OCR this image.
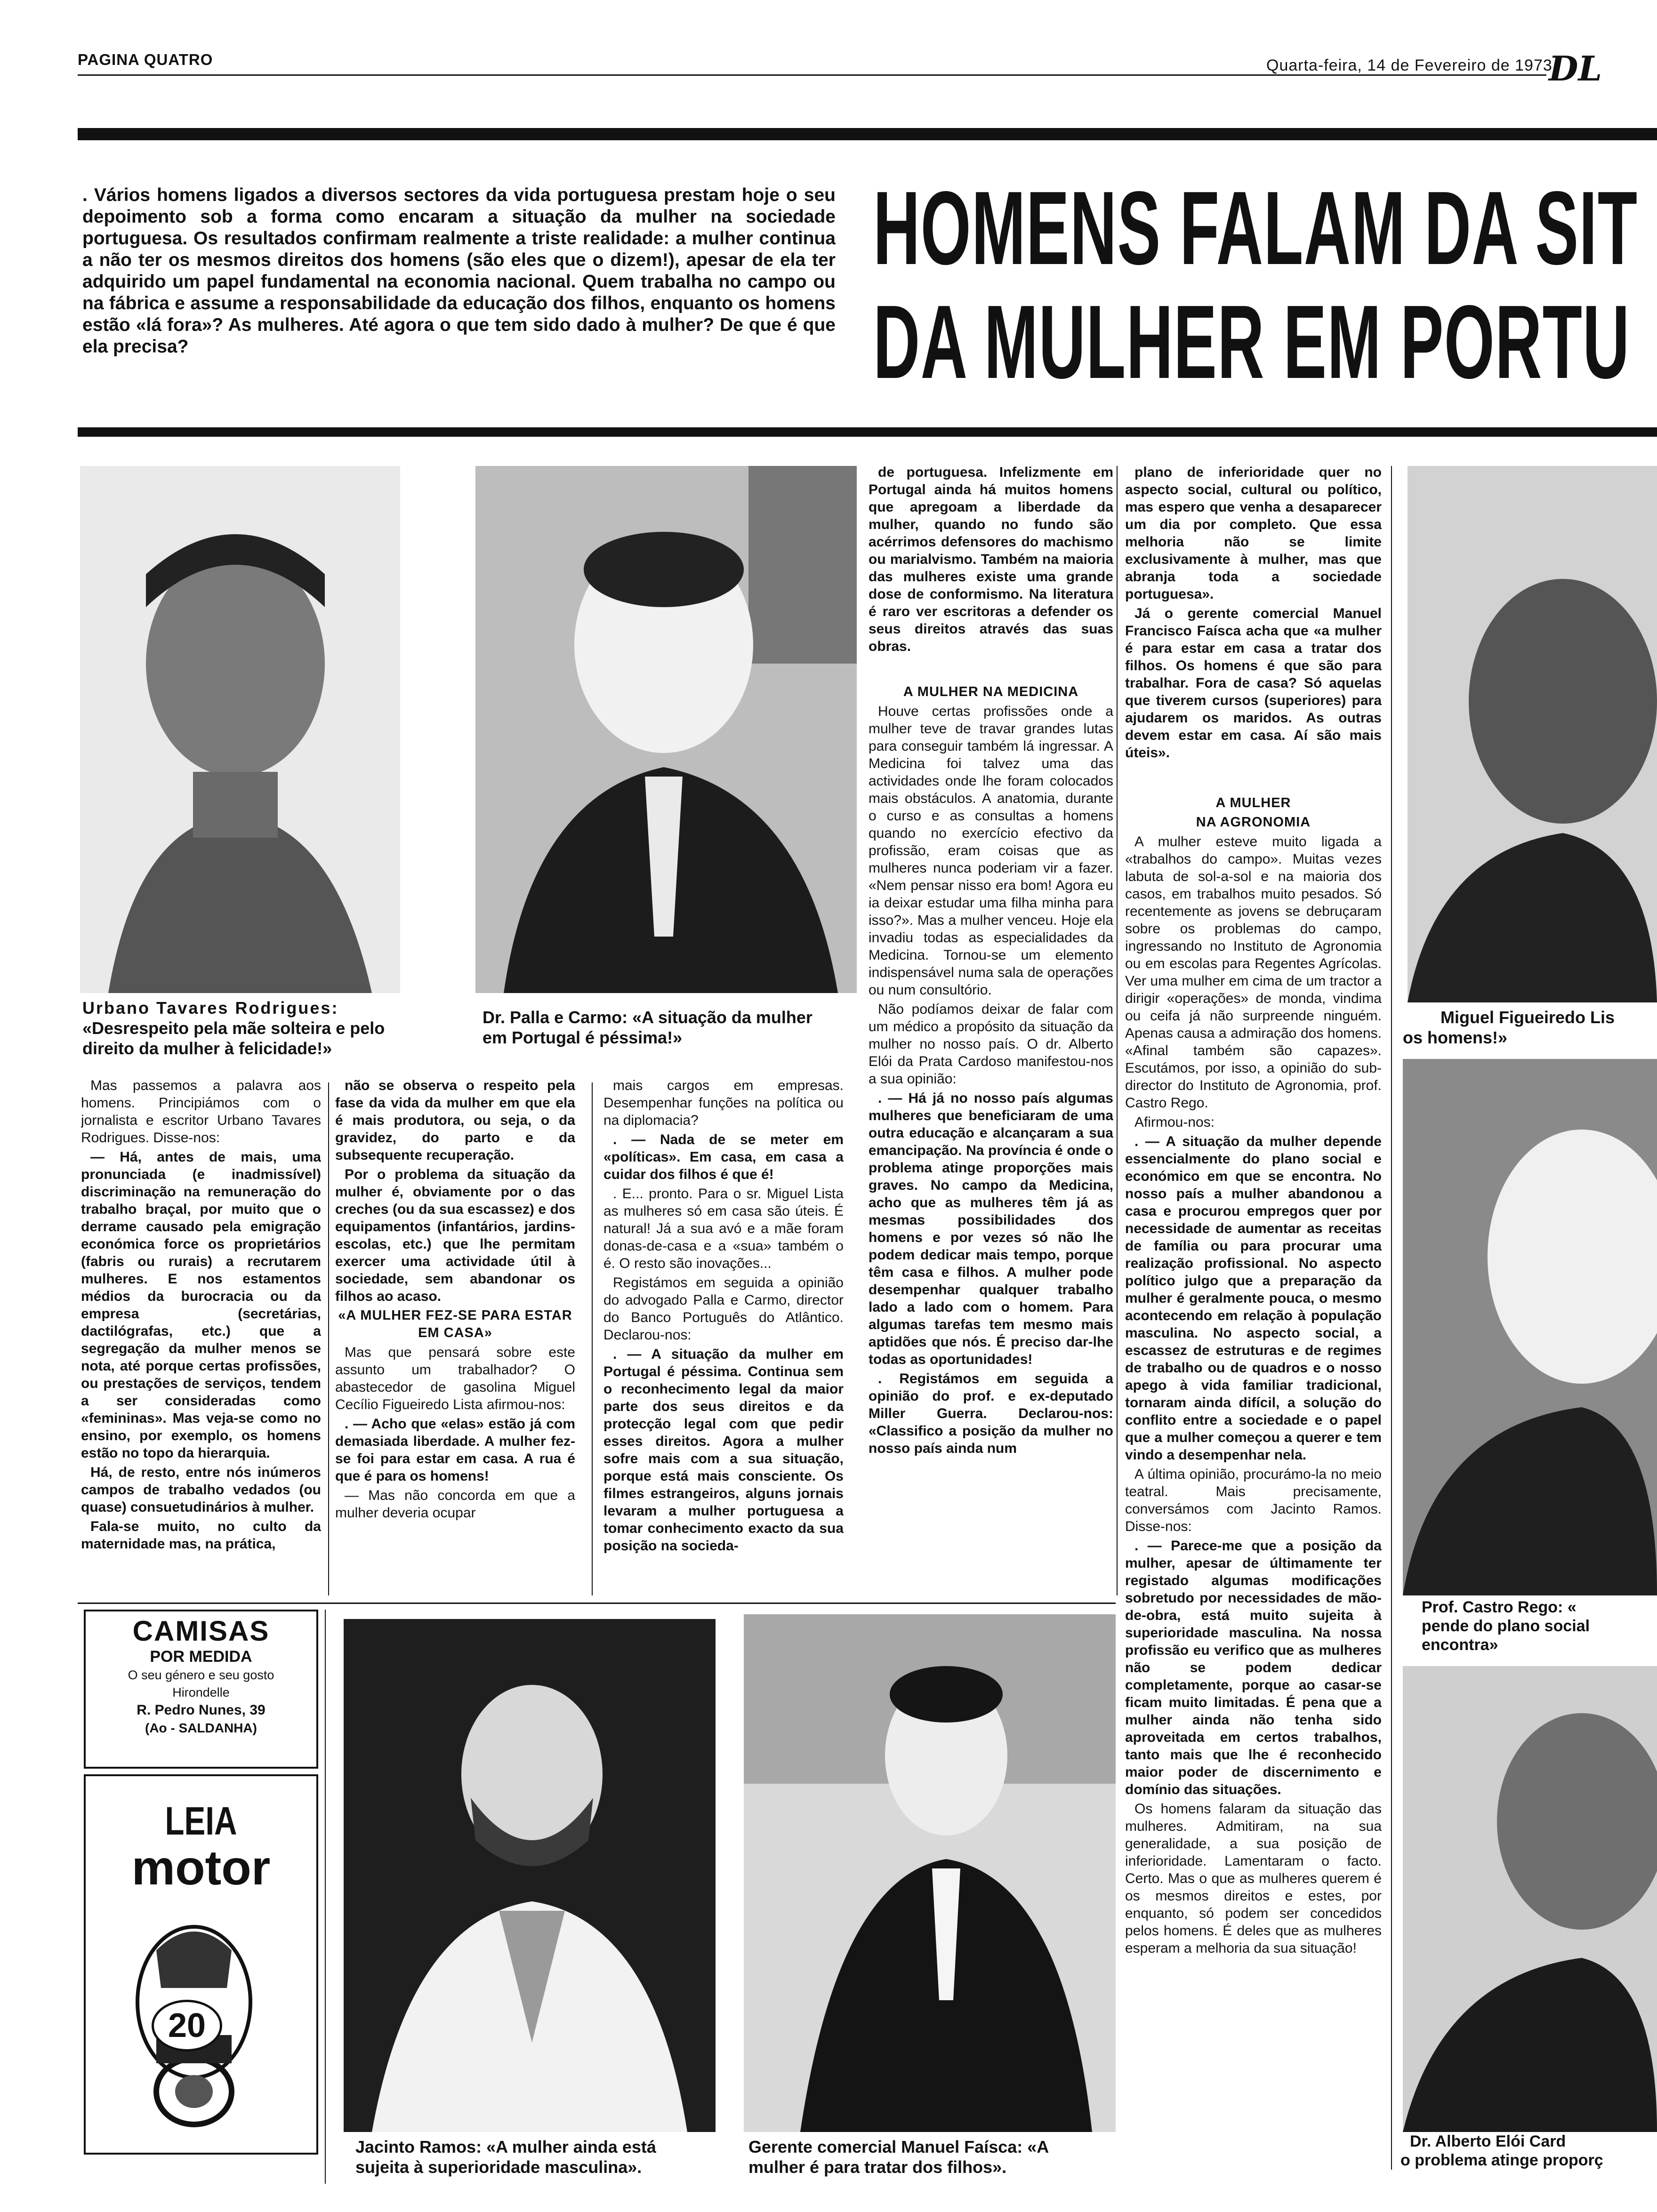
PAGINA QUATRO	Quarta-feira, 14 de Fevereiro de 1973
DL
. Vários homens ligados a diversos sectores da vida portuguesa prestam hoje o seu depoimento sob a forma como encaram a situação da mulher na sociedade portuguesa. Os resultados confirmam realmente a triste realidade: a mulher continua a não ter os mesmos direitos dos homens (são eles que o dizem!), apesar de ela ter adquirido um papel fundamental na economia nacional. Quem trabalha no campo ou na fábrica e assume a responsabilidade da educação dos filhos, enquanto os homens estão «lá fora»? As mulheres. Até agora o que tem sido dado à mulher? De que é que ela precisa?
HOMENS FALAM DA SIT
DA MULHER EM PORTU
Urbano Tavares Rodrigues: «Desrespeito pela mãe solteira e pelo direito da mulher à felicidade!»
Dr. Palla e Carmo: «A situação da mulher em Portugal é péssima!»
Miguel Figueiredo Lis
os homens!»

Mas passemos a palavra aos homens. Principiámos com o jornalista e escritor Urbano Tavares Rodrigues. Disse-nos:

— Há, antes de mais, uma pronunciada (e inadmissível) discriminação na remuneração do trabalho braçal, por muito que o derrame causado pela emigração económica force os proprietários (fabris ou rurais) a recrutarem mulheres. E nos estamentos médios da burocracia ou da empresa (secretárias, dactilógrafas, etc.) que a segregação da mulher menos se nota, até porque certas profissões, ou prestações de serviços, tendem a ser consideradas como «femininas». Mas veja-se como no ensino, por exemplo, os homens estão no topo da hierarquia.

Há, de resto, entre nós inúmeros campos de trabalho vedados (ou quase) consuetudinários à mulher.

Fala-se muito, no culto da maternidade mas, na prática,

não se observa o respeito pela fase da vida da mulher em que ela é mais produtora, ou seja, o da gravidez, do parto e da subsequente recuperação.

Por o problema da situação da mulher é, obviamente por o das creches (ou da sua escassez) e dos equipamentos (infantários, jardins-escolas, etc.) que lhe permitam exercer uma actividade útil à sociedade, sem abandonar os filhos ao acaso.

«A MULHER FEZ-SE PARA ESTAR EM CASA»

Mas que pensará sobre este assunto um trabalhador? O abastecedor de gasolina Miguel Cecílio Figueiredo Lista afirmou-nos:

. — Acho que «elas» estão já com demasiada liberdade. A mulher fez-se foi para estar em casa. A rua é que é para os homens!

— Mas não concorda em que a mulher deveria ocupar

mais cargos em empresas. Desempenhar funções na política ou na diplomacia?

. — Nada de se meter em «políticas». Em casa, em casa a cuidar dos filhos é que é!

. E... pronto. Para o sr. Miguel Lista as mulheres só em casa são úteis. É natural! Já a sua avó e a mãe foram donas-de-casa e a «sua» também o é. O resto são inovações...

Registámos em seguida a opinião do advogado Palla e Carmo, director do Banco Português do Atlântico. Declarou-nos:

. — A situação da mulher em Portugal é péssima. Continua sem o reconhecimento legal da maior parte dos seus direitos e da protecção legal com que pedir esses direitos. Agora a mulher sofre mais com a sua situação, porque está mais consciente. Os filmes estrangeiros, alguns jornais levaram a mulher portuguesa a tomar conhecimento exacto da sua posição na socieda-

de portuguesa. Infelizmente em Portugal ainda há muitos homens que apregoam a liberdade da mulher, quando no fundo são acérrimos defensores do machismo ou marialvismo. Também na maioria das mulheres existe uma grande dose de conformismo. Na literatura é raro ver escritoras a defender os seus direitos através das suas obras.

A MULHER NA MEDICINA

Houve certas profissões onde a mulher teve de travar grandes lutas para conseguir também lá ingressar. A Medicina foi talvez uma das actividades onde lhe foram colocados mais obstáculos. A anatomia, durante o curso e as consultas a homens quando no exercício efectivo da profissão, eram coisas que as mulheres nunca poderiam vir a fazer. «Nem pensar nisso era bom! Agora eu ia deixar estudar uma filha minha para isso?». Mas a mulher venceu. Hoje ela invadiu todas as especialidades da Medicina. Tornou-se um elemento indispensável numa sala de operações ou num consultório.

Não podíamos deixar de falar com um médico a propósito da situação da mulher no nosso país. O dr. Alberto Elói da Prata Cardoso manifestou-nos a sua opinião:

. — Há já no nosso país algumas mulheres que beneficiaram de uma outra educação e alcançaram a sua emancipação. Na província é onde o problema atinge proporções mais graves. No campo da Medicina, acho que as mulheres têm já as mesmas possibilidades dos homens e por vezes só não lhe podem dedicar mais tempo, porque têm casa e filhos. A mulher pode desempenhar qualquer trabalho lado a lado com o homem. Para algumas tarefas tem mesmo mais aptidões que nós. É preciso dar-lhe todas as oportunidades!

. Registámos em seguida a opinião do prof. e ex-deputado Miller Guerra. Declarou-nos: «Classifico a posição da mulher no nosso país ainda num

plano de inferioridade quer no aspecto social, cultural ou político, mas espero que venha a desaparecer um dia por completo. Que essa melhoria não se limite exclusivamente à mulher, mas que abranja toda a sociedade portuguesa».

Já o gerente comercial Manuel Francisco Faísca acha que «a mulher é para estar em casa a tratar dos filhos. Os homens é que são para trabalhar. Fora de casa? Só aquelas que tiverem cursos (superiores) para ajudarem os maridos. As outras devem estar em casa. Aí são mais úteis».

A MULHER

NA AGRONOMIA

A mulher esteve muito ligada a «trabalhos do campo». Muitas vezes labuta de sol-a-sol e na maioria dos casos, em trabalhos muito pesados. Só recentemente as jovens se debruçaram sobre os problemas do campo, ingressando no Instituto de Agronomia ou em escolas para Regentes Agrícolas. Ver uma mulher em cima de um tractor a dirigir «operações» de monda, vindima ou ceifa já não surpreende ninguém. Apenas causa a admiração dos homens. «Afinal também são capazes». Escutámos, por isso, a opinião do sub-director do Instituto de Agronomia, prof. Castro Rego.

Afirmou-nos:

. — A situação da mulher depende essencialmente do plano social e económico em que se encontra. No nosso país a mulher abandonou a casa e procurou empregos quer por necessidade de aumentar as receitas de família ou para procurar uma realização profissional. No aspecto político julgo que a preparação da mulher é geralmente pouca, o mesmo acontecendo em relação à população masculina. No aspecto social, a escassez de estruturas e de regimes de trabalho ou de quadros e o nosso apego à vida familiar tradicional, tornaram ainda difícil, a solução do conflito entre a sociedade e o papel que a mulher começou a querer e tem vindo a desempenhar nela.

A última opinião, procurámo-la no meio teatral. Mais precisamente, conversámos com Jacinto Ramos. Disse-nos:

. — Parece-me que a posição da mulher, apesar de últimamente ter registado algumas modificações sobretudo por necessidades de mão-de-obra, está muito sujeita à superioridade masculina. Na nossa profissão eu verifico que as mulheres não se podem dedicar completamente, porque ao casar-se ficam muito limitadas. É pena que a mulher ainda não tenha sido aproveitada em certos trabalhos, tanto mais que lhe é reconhecido maior poder de discernimento e domínio das situações.

Os homens falaram da situação das mulheres. Admitiram, na sua generalidade, a sua posição de inferioridade. Lamentaram o facto. Certo. Mas o que as mulheres querem é os mesmos direitos e estes, por enquanto, só podem ser concedidos pelos homens. É deles que as mulheres esperam a melhoria da sua situação!

Prof. Castro Rego: «
pende do plano social
encontra»
Dr. Alberto Elói Card
o problema atinge proporç
CAMISAS
POR MEDIDA
O seu género e seu gosto
Hirondelle
R. Pedro Nunes, 39
(Ao - SALDANHA)
LEIA
motor
20
Jacinto Ramos: «A mulher ainda está sujeita à superioridade masculina».
Gerente comercial Manuel Faísca: «A mulher é para tratar dos filhos».
